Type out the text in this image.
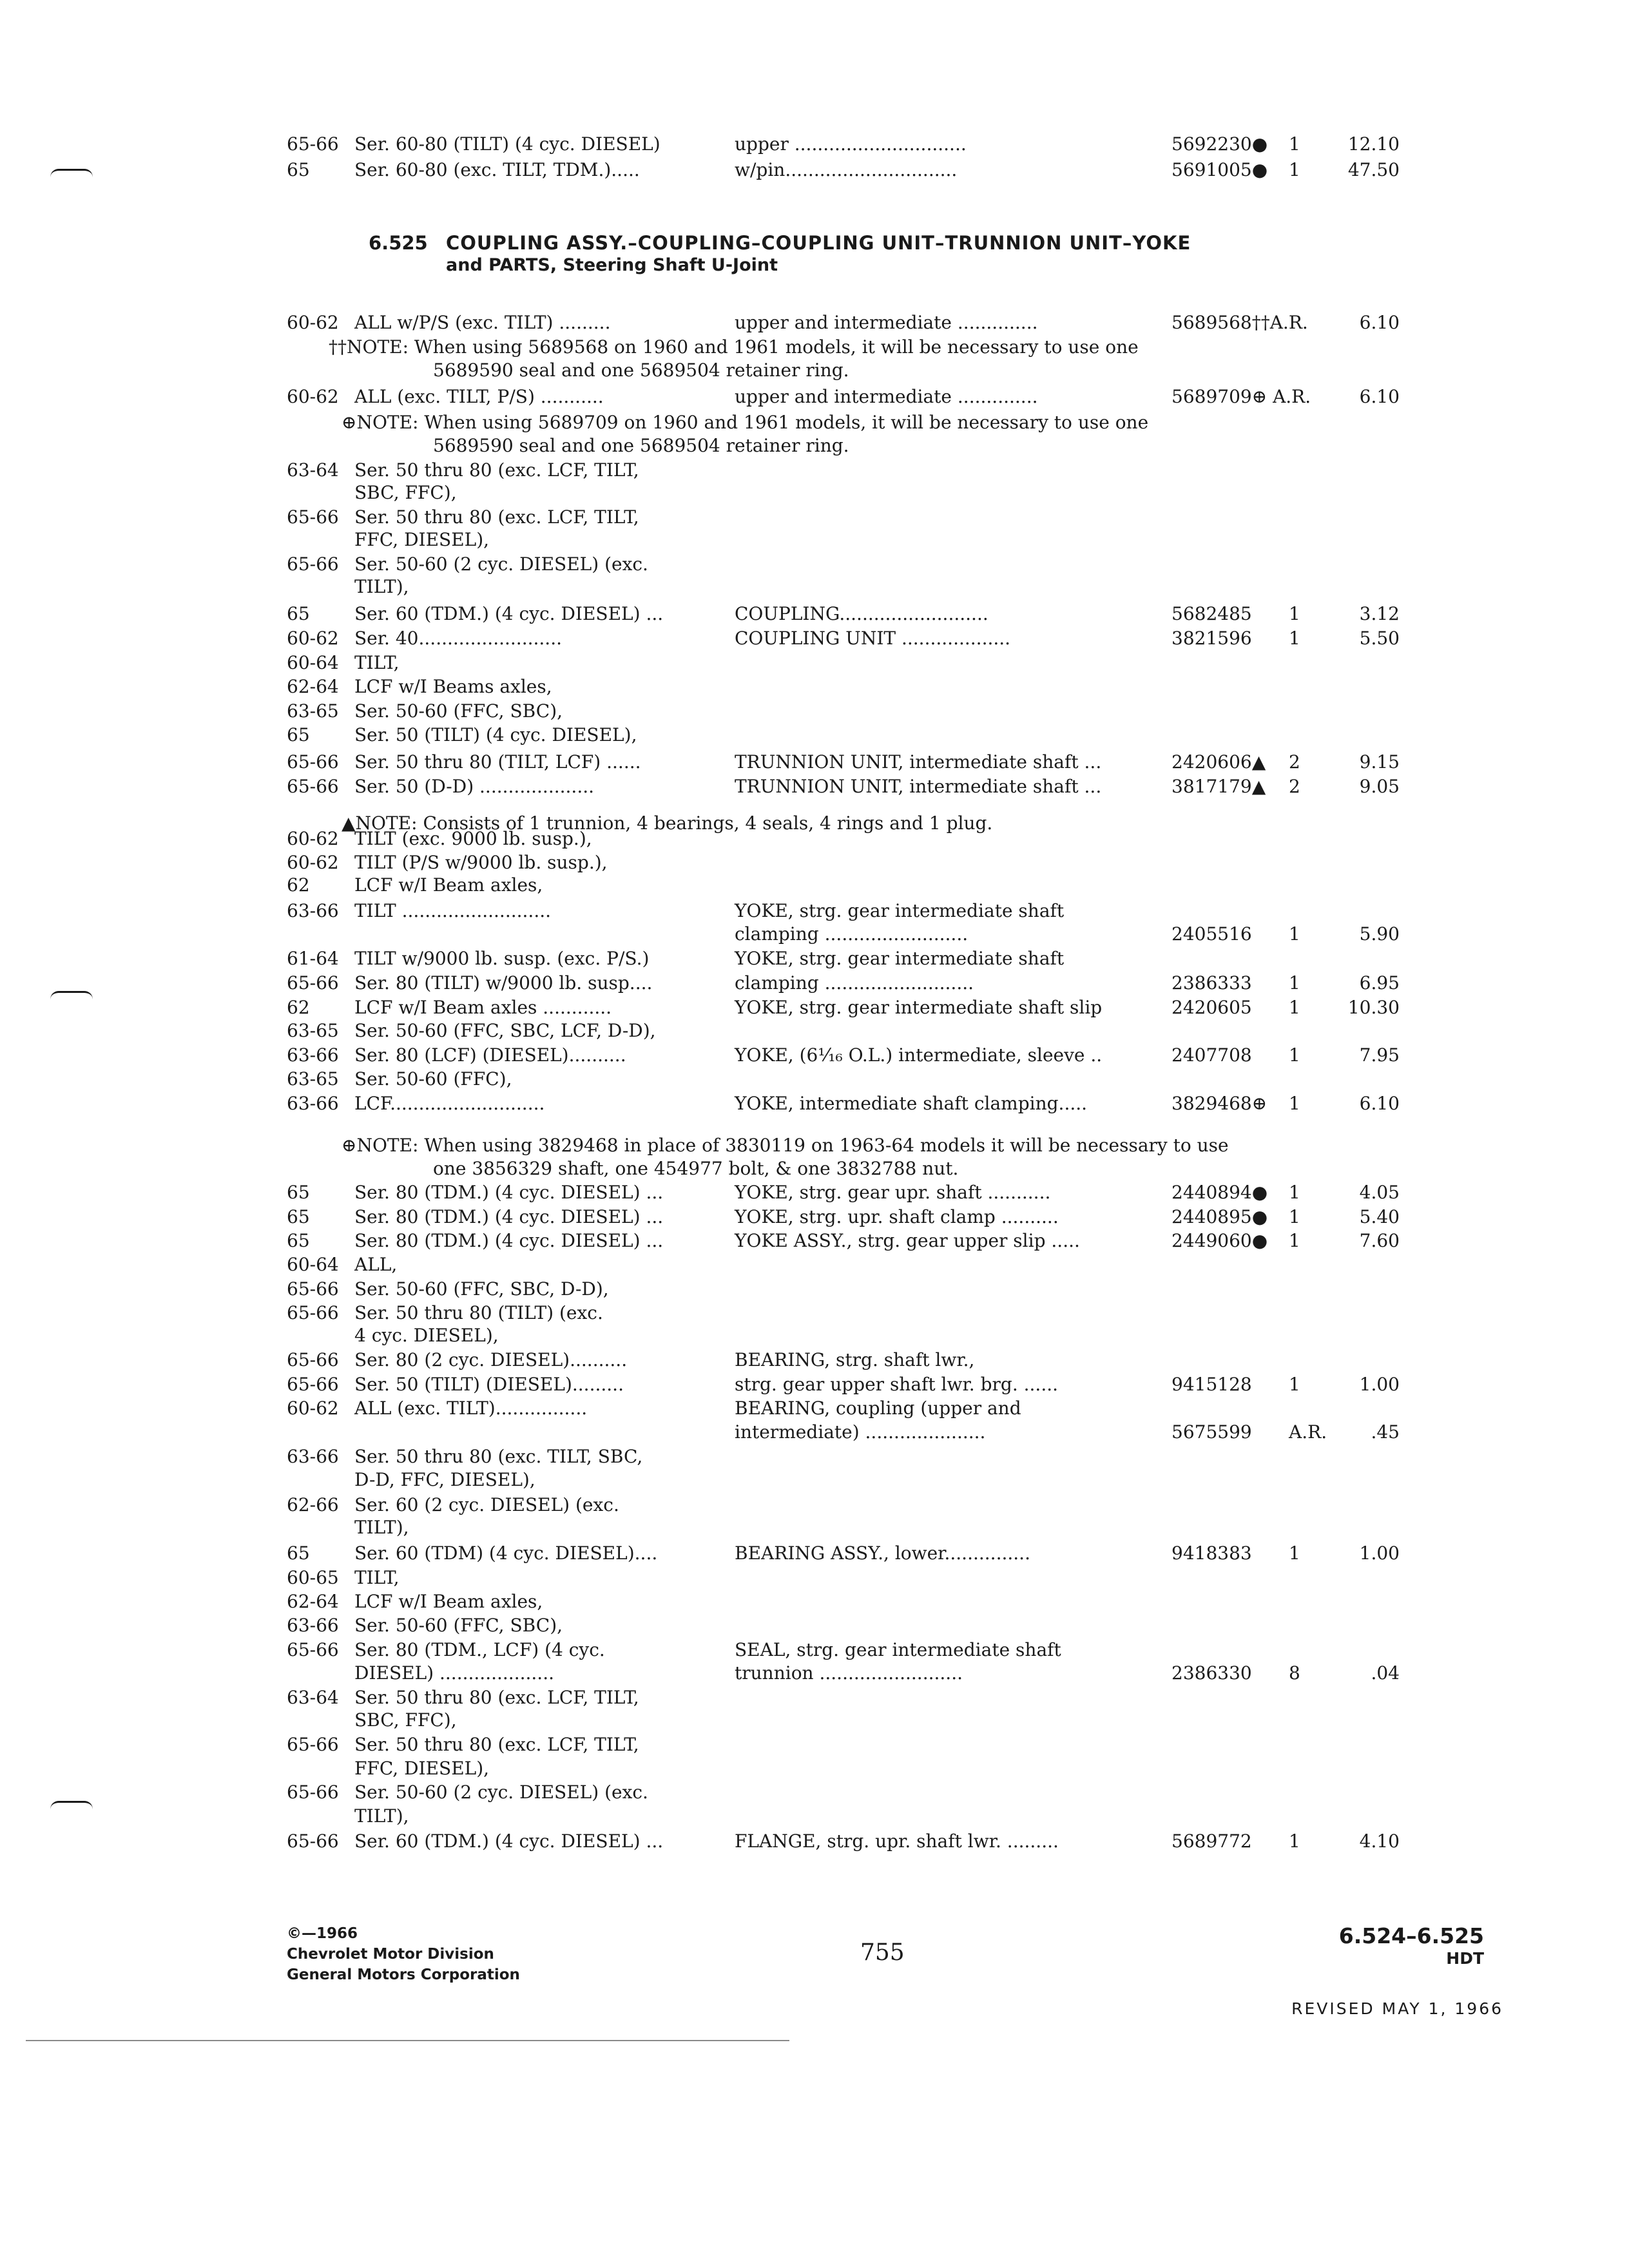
65-66 Ser. 60-80 (TILT) (4 cyc. DIESEL)	upper ..............................	5692230● 1	12.10
65 Ser. 60-80 (exc. TILT, TDM.).....	w/pin..............................	5691005● 1	47.50
6.525 COUPLING ASSY.–COUPLING–COUPLING UNIT–TRUNNION UNIT–YOKE
and PARTS, Steering Shaft U-Joint
60-62 ALL w/P/S (exc. TILT) .........	upper and intermediate ..............	5689568††A.R.	6.10
60-62 ALL (exc. TILT, P/S) ...........	upper and intermediate ..............	5689709⊕ A.R.	6.10
63-64 Ser. 50 thru 80 (exc. LCF, TILT,
SBC, FFC),
65-66 Ser. 50 thru 80 (exc. LCF, TILT,
FFC, DIESEL),
65-66 Ser. 50-60 (2 cyc. DIESEL) (exc.
TILT),
65 Ser. 60 (TDM.) (4 cyc. DIESEL) ...	COUPLING..........................	5682485 1	3.12
60-62 Ser. 40.........................	COUPLING UNIT ...................	3821596 1	5.50
60-64 TILT,
62-64 LCF w/I Beams axles,
63-65 Ser. 50-60 (FFC, SBC),
65 Ser. 50 (TILT) (4 cyc. DIESEL),
65-66 Ser. 50 thru 80 (TILT, LCF) ......	TRUNNION UNIT, intermediate shaft ...	2420606▲ 2	9.15
65-66 Ser. 50 (D-D) ....................	TRUNNION UNIT, intermediate shaft ...	3817179▲ 2	9.05
60-62 TILT (exc. 9000 lb. susp.),
60-62 TILT (P/S w/9000 lb. susp.),
62 LCF w/I Beam axles,
63-66 TILT ..........................	YOKE, strg. gear intermediate shaft
clamping .........................	2405516 1	5.90
61-64 TILT w/9000 lb. susp. (exc. P/S.)	YOKE, strg. gear intermediate shaft
65-66 Ser. 80 (TILT) w/9000 lb. susp....	clamping ..........................	2386333 1	6.95
62 LCF w/I Beam axles ............	YOKE, strg. gear intermediate shaft slip	2420605 1	10.30
63-65 Ser. 50-60 (FFC, SBC, LCF, D-D),
63-66 Ser. 80 (LCF) (DIESEL)..........	YOKE, (6¹⁄₁₆ O.L.) intermediate, sleeve ..	2407708 1	7.95
63-65 Ser. 50-60 (FFC),
63-66 LCF...........................	YOKE, intermediate shaft clamping.....	3829468⊕ 1	6.10
65 Ser. 80 (TDM.) (4 cyc. DIESEL) ...	YOKE, strg. gear upr. shaft ...........	2440894● 1	4.05
65 Ser. 80 (TDM.) (4 cyc. DIESEL) ...	YOKE, strg. upr. shaft clamp ..........	2440895● 1	5.40
65 Ser. 80 (TDM.) (4 cyc. DIESEL) ...	YOKE ASSY., strg. gear upper slip .....	2449060● 1	7.60
60-64 ALL,
65-66 Ser. 50-60 (FFC, SBC, D-D),
65-66 Ser. 50 thru 80 (TILT) (exc.
4 cyc. DIESEL),
65-66 Ser. 80 (2 cyc. DIESEL)..........	BEARING, strg. shaft lwr.,
65-66 Ser. 50 (TILT) (DIESEL).........	strg. gear upper shaft lwr. brg. ......	9415128 1	1.00
60-62 ALL (exc. TILT)................	BEARING, coupling (upper and
intermediate) .....................	5675599 A.R. .45
63-66 Ser. 50 thru 80 (exc. TILT, SBC,
D-D, FFC, DIESEL),
62-66 Ser. 60 (2 cyc. DIESEL) (exc.
TILT),
65 Ser. 60 (TDM) (4 cyc. DIESEL)....	BEARING ASSY., lower...............	9418383 1	1.00
60-65 TILT,
62-64 LCF w/I Beam axles,
63-66 Ser. 50-60 (FFC, SBC),
65-66 Ser. 80 (TDM., LCF) (4 cyc.	SEAL, strg. gear intermediate shaft
DIESEL) ....................	trunnion .........................	2386330 8	.04
63-64 Ser. 50 thru 80 (exc. LCF, TILT,
SBC, FFC),
65-66 Ser. 50 thru 80 (exc. LCF, TILT,
FFC, DIESEL),
65-66 Ser. 50-60 (2 cyc. DIESEL) (exc.
TILT),
65-66 Ser. 60 (TDM.) (4 cyc. DIESEL) ...	FLANGE, strg. upr. shaft lwr. .........	5689772 1	4.10
††NOTE: When using 5689568 on 1960 and 1961 models, it will be necessary to use one
5689590 seal and one 5689504 retainer ring.
⊕NOTE: When using 5689709 on 1960 and 1961 models, it will be necessary to use one
5689590 seal and one 5689504 retainer ring.
▲NOTE: Consists of 1 trunnion, 4 bearings, 4 seals, 4 rings and 1 plug.
⊕NOTE: When using 3829468 in place of 3830119 on 1963-64 models it will be necessary to use
one 3856329 shaft, one 454977 bolt, & one 3832788 nut.
©—1966
Chevrolet Motor Division
General Motors Corporation
755
6.524–6.525
HDT
REVISED MAY 1, 1966
